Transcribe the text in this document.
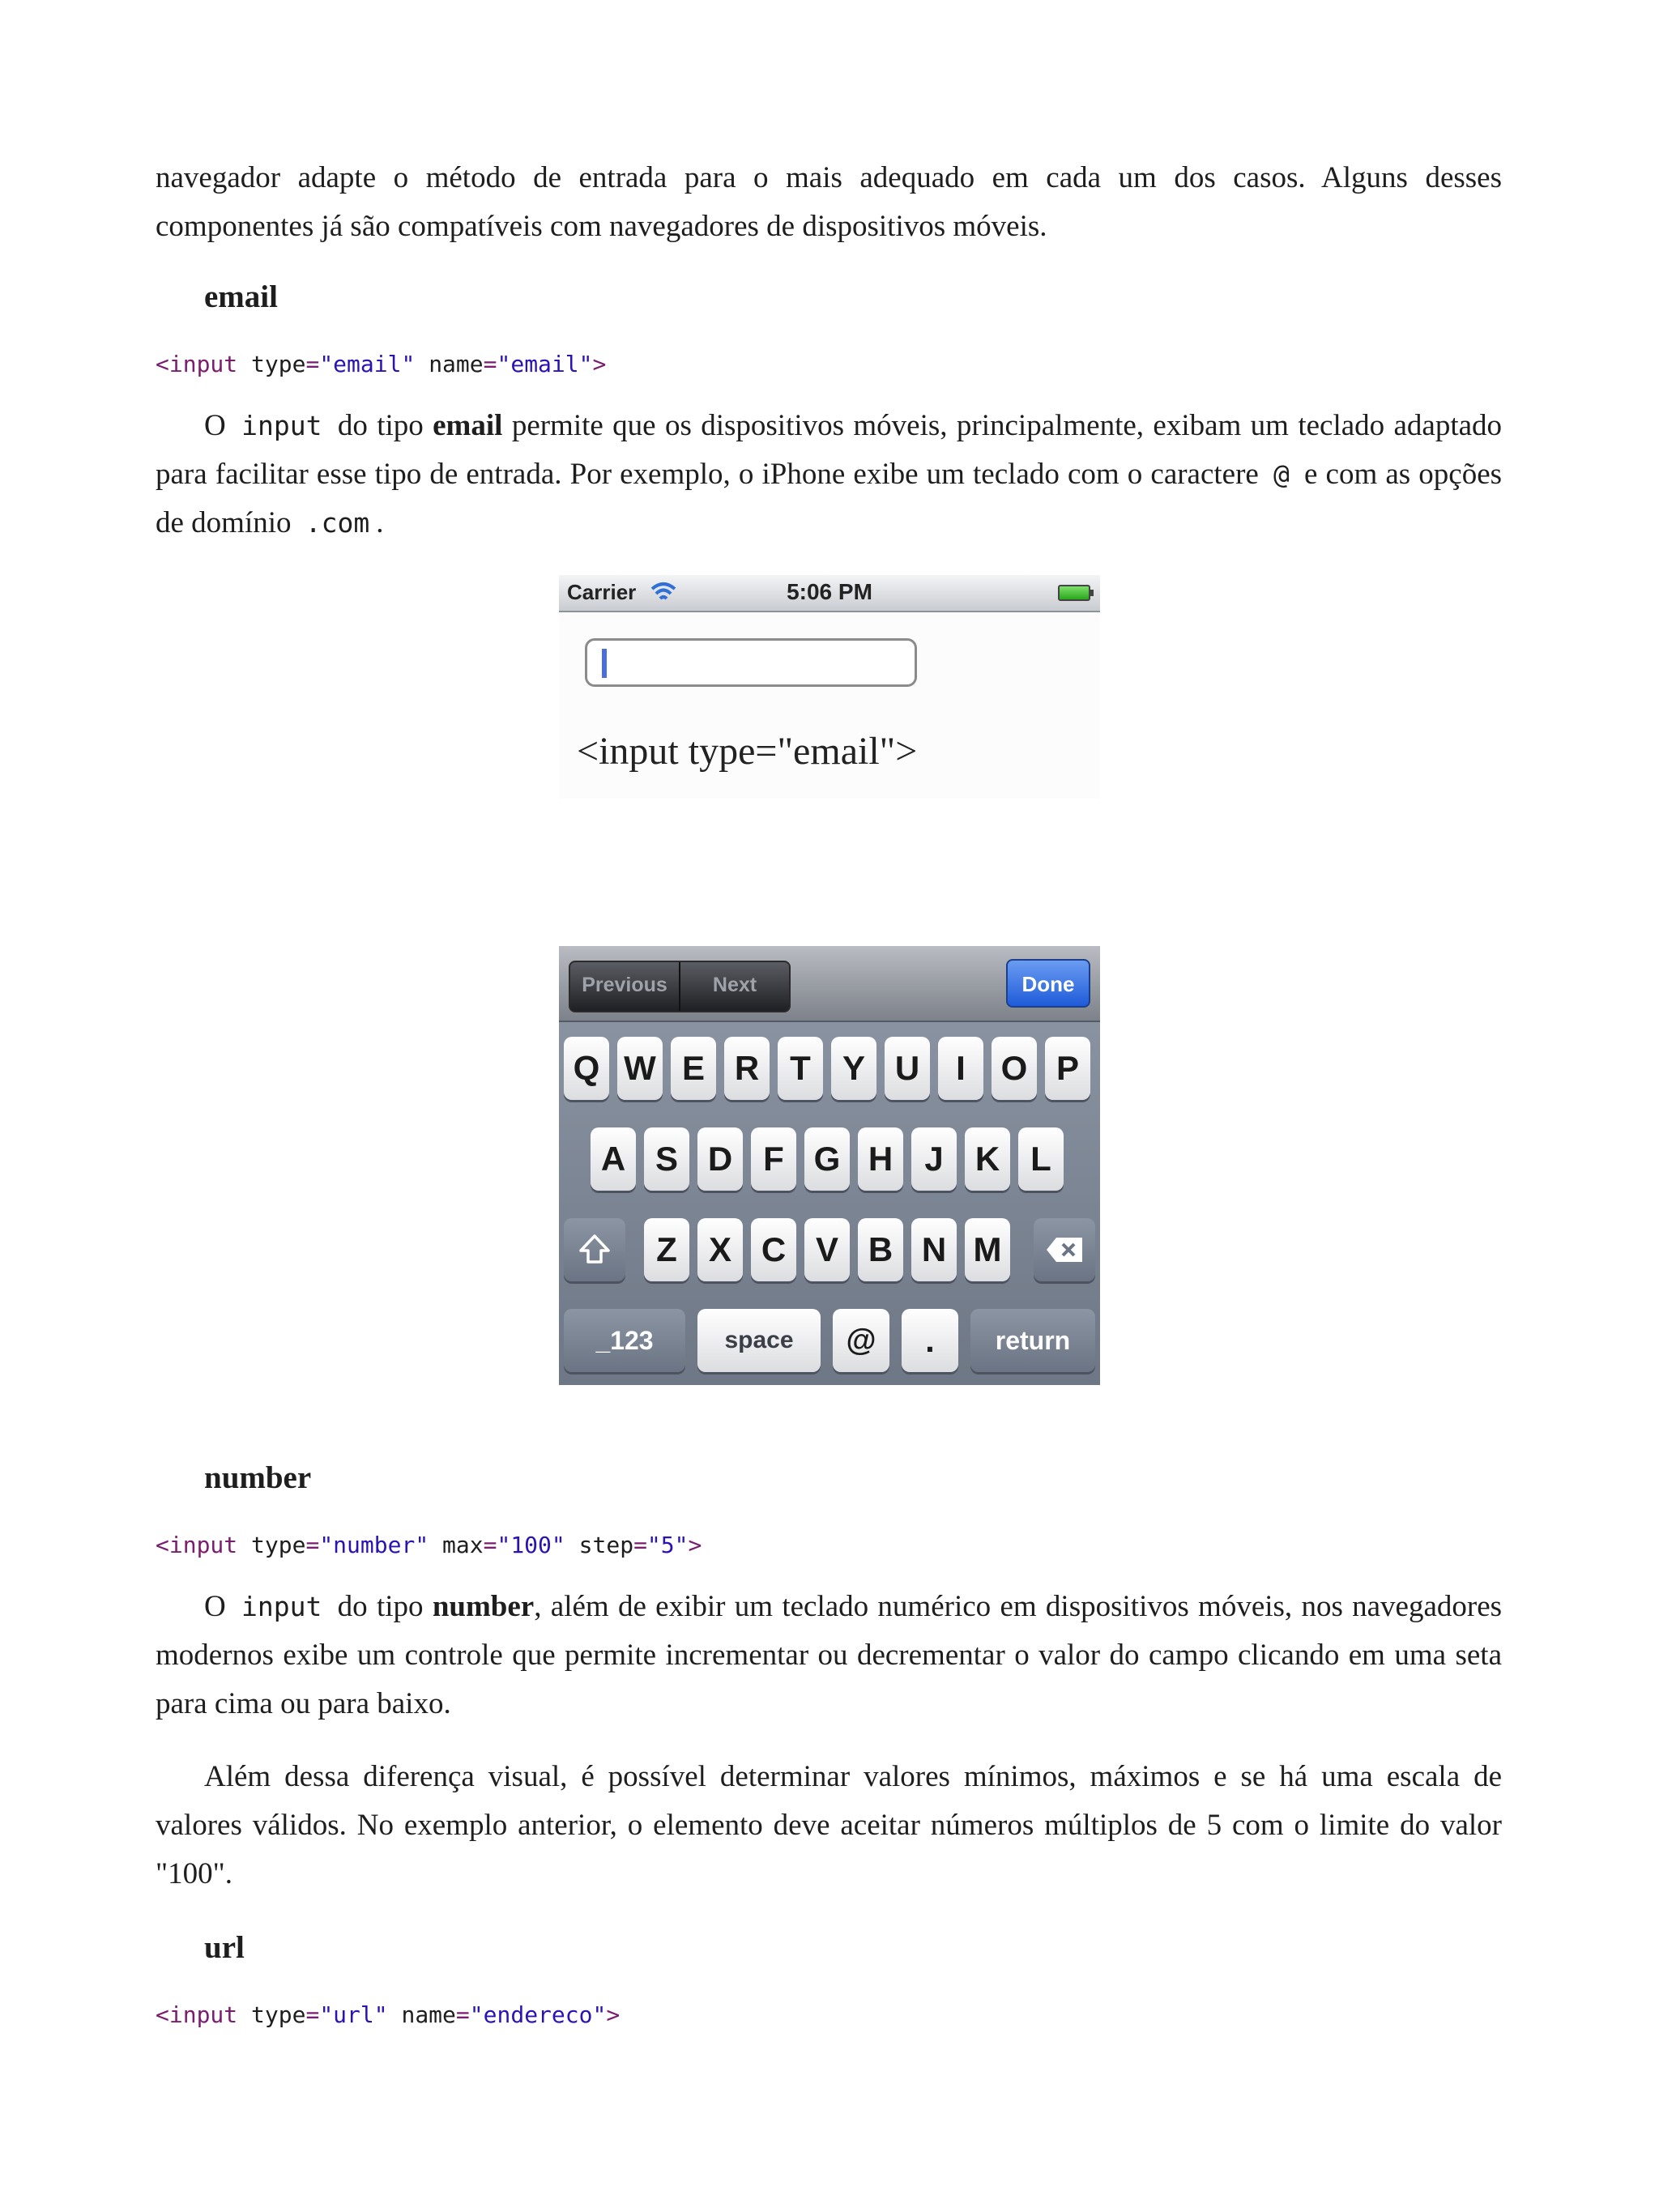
navegador adapte o método de entrada para o mais adequado em cada um dos casos. Alguns desses

componentes já são compatíveis com navegadores de dispositivos móveis.

email
<input type="email" name="email">

O input do tipo email permite que os dispositivos móveis, principalmente, exibam um teclado adaptado para facilitar esse tipo de entrada. Por exemplo, o iPhone exibe um teclado com o caractere @ e com as opções de domínio .com .

Carrier	5:06 PM
<input type="email">
Previous	Next	Done
Q W E R T Y U	I	O P
A S D F G H J K L
Z X C V B N M
_123	space	@	.	return
number
<input type="number" max="100" step="5">

O input do tipo number, além de exibir um teclado numérico em dispositivos móveis, nos navegadores modernos exibe um controle que permite incrementar ou decrementar o valor do campo clicando em uma seta para cima ou para baixo.

Além dessa diferença visual, é possível determinar valores mínimos, máximos e se há uma escala de valores válidos. No exemplo anterior, o elemento deve aceitar números múltiplos de 5 com o limite do valor "100".

url
<input type="url" name="endereco">
